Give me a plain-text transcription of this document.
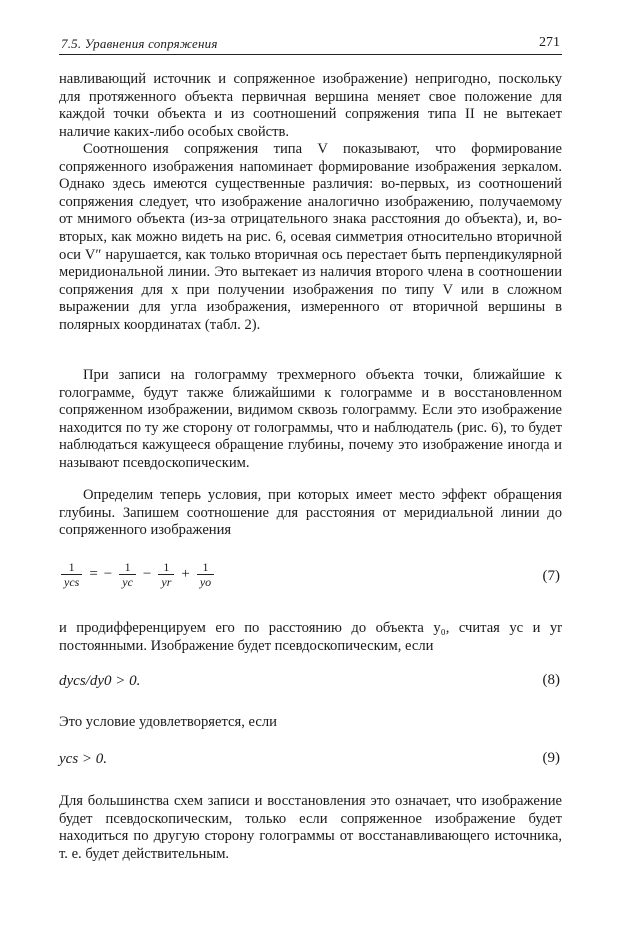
7.5. Уравнения сопряжения	271

навливающий источник и сопряженное изображение) непригодно, поскольку для протяженного объекта первичная вершина меняет свое положение для каждой точки объекта и из соотношений сопряжения типа II не вытекает наличие каких-либо особых свойств.

Соотношения сопряжения типа V показывают, что формирование сопряженного изображения напоминает формирование изображения зеркалом. Однако здесь имеются существенные различия: во-первых, из соотношений сопряжения следует, что изображение аналогично изображению, получаемому от мнимого объекта (из-за отрицательного знака расстояния до объекта), и, во-вторых, как можно видеть на рис. 6, осевая симметрия относительно вторичной оси V″ нарушается, как только вторичная ось перестает быть перпендикулярной меридиональной линии. Это вытекает из наличия второго члена в соотношении сопряжения для x при получении изображения по типу V или в сложном выражении для угла изображения, измеренного от вторичной вершины в полярных координатах (табл. 2).

При записи на голограмму трехмерного объекта точки, ближайшие к голограмме, будут также ближайшими к голограмме и в восстановленном сопряженном изображении, видимом сквозь голограмму. Если это изображение находится по ту же сторону от голограммы, что и наблюдатель (рис. 6), то будет наблюдаться кажущееся обращение глубины, почему это изображение иногда и называют псевдоскопическим.

Определим теперь условия, при которых имеет место эффект обращения глубины. Запишем соотношение для расстояния от меридиальной линии до сопряженного изображения

$\frac{1}{\text{ycs}}$ = − $\frac{1}{yc} - \frac{1}{yr} + \frac{1}{yo}$	(7)

и продифференцируем его по расстоянию до объекта y₀, считая yc и yr постоянными. Изображение будет псевдоскопическим, если

dycs/dy0 > 0.	(8)

Это условие удовлетворяется, если

ycs > 0.	(9)

Для большинства схем записи и восстановления это означает, что изображение будет псевдоскопическим, только если сопряженное изображение будет находиться по другую сторону голограммы от восстанавливающего источника, т. е. будет действительным.
